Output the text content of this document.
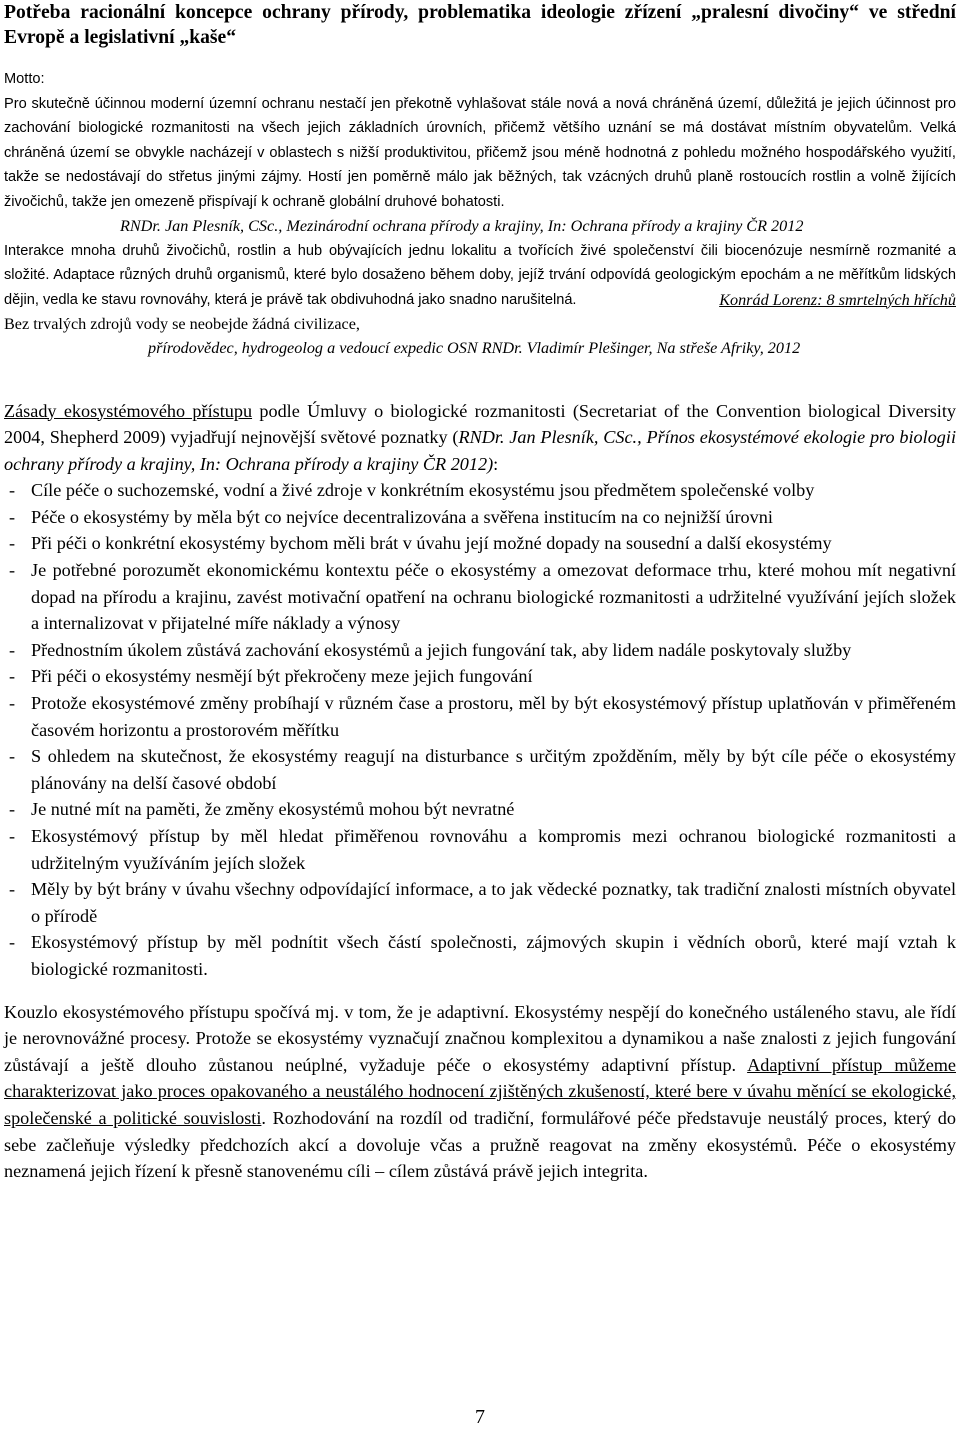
Potřeba racionální koncepce ochrany přírody, problematika ideologie zřízení „pralesní divočiny“ ve střední Evropě a legislativní „kaše“
Motto:

Pro skutečně účinnou moderní územní ochranu nestačí jen překotně vyhlašovat stále nová a nová chráněná území, důležitá je jejich účinnost pro zachování biologické rozmanitosti na všech jejich základních úrovních, přičemž většího uznání se má dostávat místním obyvatelům. Velká chráněná území se obvykle nacházejí v oblastech s nižší produktivitou, přičemž jsou méně hodnotná z pohledu možného hospodářského využití, takže se nedostávají do střetus jinými zájmy. Hostí jen poměrně málo jak běžných, tak vzácných druhů planě rostoucích rostlin a volně žijících živočichů, takže jen omezeně přispívají k ochraně globální druhové bohatosti.

RNDr. Jan Plesník, CSc., Mezinárodní ochrana přírody a krajiny, In: Ochrana přírody a krajiny ČR 2012

Interakce mnoha druhů živočichů, rostlin a hub obývajících jednu lokalitu a tvořících živé společenství čili biocenózuje nesmírně rozmanité a složité. Adaptace různých druhů organismů, které bylo dosaženo během doby, jejíž trvání odpovídá geologickým epochám a ne měřítkům lidských dějin, vedla ke stavu rovnováhy, která je právě tak obdivuhodná jako snadno narušitelná.	Konrád Lorenz: 8 smrtelných hříchů

Bez trvalých zdrojů vody se neobejde žádná civilizace,
přírodovědec, hydrogeolog a vedoucí expedic OSN RNDr. Vladimír Plešinger, Na střeše Afriky, 2012

Zásady ekosystémového přístupu podle Úmluvy o biologické rozmanitosti (Secretariat of the Convention biological Diversity 2004, Shepherd 2009) vyjadřují nejnovější světové poznatky (RNDr. Jan Plesník, CSc., Přínos ekosystémové ekologie pro biologii ochrany přírody a krajiny, In: Ochrana přírody a krajiny ČR 2012):

- Cíle péče o suchozemské, vodní a živé zdroje v konkrétním ekosystému jsou předmětem společenské volby
- Péče o ekosystémy by měla být co nejvíce decentralizována a svěřena institucím na co nejnižší úrovni
- Při péči o konkrétní ekosystémy bychom měli brát v úvahu její možné dopady na sousední a další ekosystémy
- Je potřebné porozumět ekonomickému kontextu péče o ekosystémy a omezovat deformace trhu, které mohou mít negativní dopad na přírodu a krajinu, zavést motivační opatření na ochranu biologické rozmanitosti a udržitelné využívání jejích složek a internalizovat v přijatelné míře náklady a výnosy
- Přednostním úkolem zůstává zachování ekosystémů a jejich fungování tak, aby lidem nadále poskytovaly služby
- Při péči o ekosystémy nesmějí být překročeny meze jejich fungování
- Protože ekosystémové změny probíhají v různém čase a prostoru, měl by být ekosystémový přístup uplatňován v přiměřeném časovém horizontu a prostorovém měřítku
- S ohledem na skutečnost, že ekosystémy reagují na disturbance s určitým zpožděním, měly by být cíle péče o ekosystémy plánovány na delší časové období
- Je nutné mít na paměti, že změny ekosystémů mohou být nevratné
- Ekosystémový přístup by měl hledat přiměřenou rovnováhu a kompromis mezi ochranou biologické rozmanitosti a udržitelným využíváním jejích složek
- Měly by být brány v úvahu všechny odpovídající informace, a to jak vědecké poznatky, tak tradiční znalosti místních obyvatel o přírodě
- Ekosystémový přístup by měl podnítit všech částí společnosti, zájmových skupin i vědních oborů, které mají vztah k biologické rozmanitosti.
Kouzlo ekosystémového přístupu spočívá mj. v tom, že je adaptivní. Ekosystémy nespějí do konečného ustáleného stavu, ale řídí je nerovnovážné procesy. Protože se ekosystémy vyznačují značnou komplexitou a dynamikou a naše znalosti z jejich fungování zůstávají a ještě dlouho zůstanou neúplné, vyžaduje péče o ekosystémy adaptivní přístup. Adaptivní přístup můžeme charakterizovat jako proces opakovaného a neustálého hodnocení zjištěných zkušeností, které bere v úvahu měnící se ekologické, společenské a politické souvislosti. Rozhodování na rozdíl od tradiční, formulářové péče představuje neustálý proces, který do sebe začleňuje výsledky předchozích akcí a dovoluje včas a pružně reagovat na změny ekosystémů. Péče o ekosystémy neznamená jejich řízení k přesně stanovenému cíli – cílem zůstává právě jejich integrita.
7
